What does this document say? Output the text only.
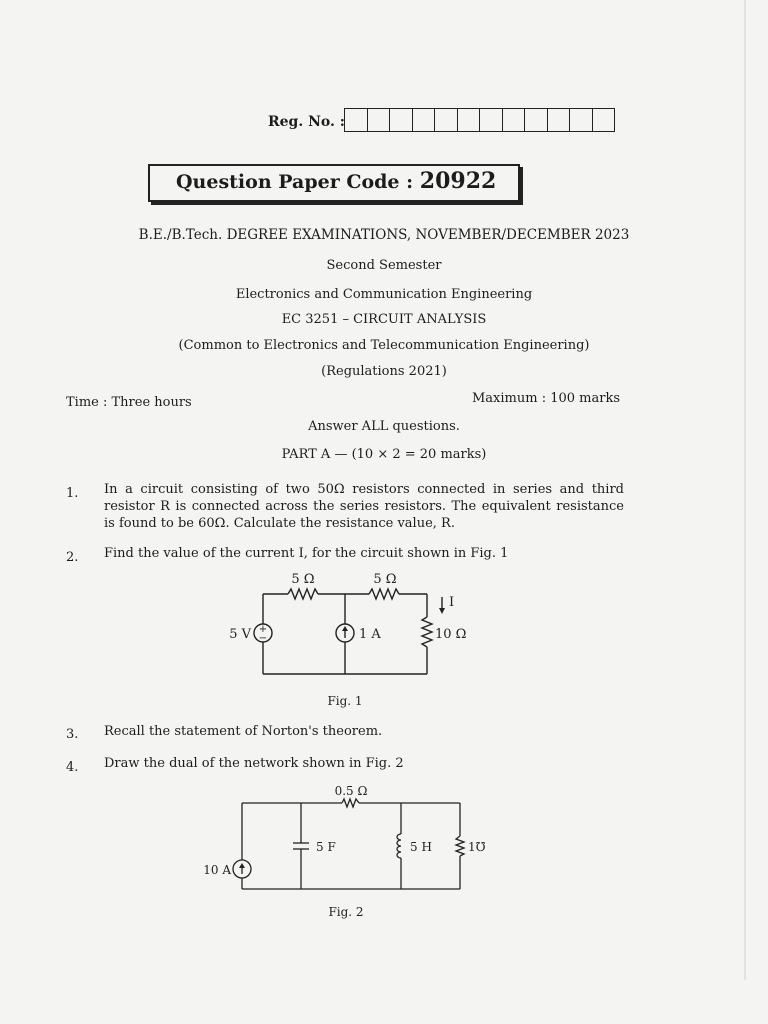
Reg. No. :
Question Paper Code : 20922
B.E./B.Tech. DEGREE EXAMINATIONS, NOVEMBER/DECEMBER 2023
Second Semester
Electronics and Communication Engineering
EC 3251 – CIRCUIT ANALYSIS
(Common to Electronics and Telecommunication Engineering)
(Regulations 2021)
Time : Three hours	Maximum : 100 marks
Answer ALL questions.
PART A — (10 × 2 = 20 marks)
1. In a circuit consisting of two 50Ω resistors connected in series and third resistor R is connected across the series resistors. The equivalent resistance is found to be 60Ω. Calculate the resistance value, R.
2. Find the value of the current I, for the circuit shown in Fig. 1
+
−
5 Ω	5 Ω
I
5 V	1 A	10 Ω
Fig. 1
3. Recall the statement of Norton's theorem.
4. Draw the dual of the network shown in Fig. 2
0.5 Ω
10 A
5 F	5 H	1℧
Fig. 2
